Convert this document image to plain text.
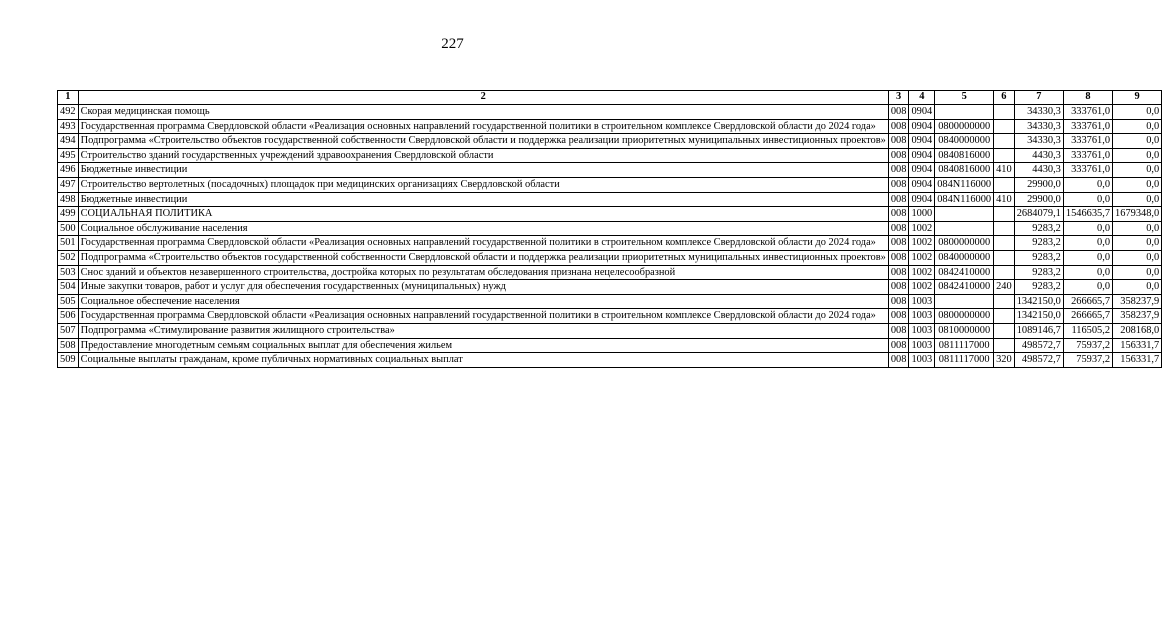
227
1	2	3	4	5	6	7	8	9
492	Скорая медицинская помощь	008	0904			34330,3	333761,0	0,0
493	Государственная программа Свердловской области «Реализация основных направлений государственной политики в строительном комплексе Свердловской области до 2024 года»	008	0904	0800000000		34330,3	333761,0	0,0
494	Подпрограмма «Строительство объектов государственной собственности Свердловской области и поддержка реализации приоритетных муниципальных инвестиционных проектов»	008	0904	0840000000		34330,3	333761,0	0,0
495	Строительство зданий государственных учреждений здравоохранения Свердловской области	008	0904	0840816000		4430,3	333761,0	0,0
496	Бюджетные инвестиции	008	0904	0840816000	410	4430,3	333761,0	0,0
497	Строительство вертолетных (посадочных) площадок при медицинских организациях Свердловской области	008	0904	084N116000		29900,0	0,0	0,0
498	Бюджетные инвестиции	008	0904	084N116000	410	29900,0	0,0	0,0
499	СОЦИАЛЬНАЯ ПОЛИТИКА	008	1000			2684079,1	1546635,7	1679348,0
500	Социальное обслуживание населения	008	1002			9283,2	0,0	0,0
501	Государственная программа Свердловской области «Реализация основных направлений государственной политики в строительном комплексе Свердловской области до 2024 года»	008	1002	0800000000		9283,2	0,0	0,0
502	Подпрограмма «Строительство объектов государственной собственности Свердловской области и поддержка реализации приоритетных муниципальных инвестиционных проектов»	008	1002	0840000000		9283,2	0,0	0,0
503	Снос зданий и объектов незавершенного строительства, достройка которых по результатам обследования признана нецелесообразной	008	1002	0842410000		9283,2	0,0	0,0
504	Иные закупки товаров, работ и услуг для обеспечения государственных (муниципальных) нужд	008	1002	0842410000	240	9283,2	0,0	0,0
505	Социальное обеспечение населения	008	1003			1342150,0	266665,7	358237,9
506	Государственная программа Свердловской области «Реализация основных направлений государственной политики в строительном комплексе Свердловской области до 2024 года»	008	1003	0800000000		1342150,0	266665,7	358237,9
507	Подпрограмма «Стимулирование развития жилищного строительства»	008	1003	0810000000		1089146,7	116505,2	208168,0
508	Предоставление многодетным семьям социальных выплат для обеспечения жильем	008	1003	0811117000		498572,7	75937,2	156331,7
509	Социальные выплаты гражданам, кроме публичных нормативных социальных выплат	008	1003	0811117000	320	498572,7	75937,2	156331,7
